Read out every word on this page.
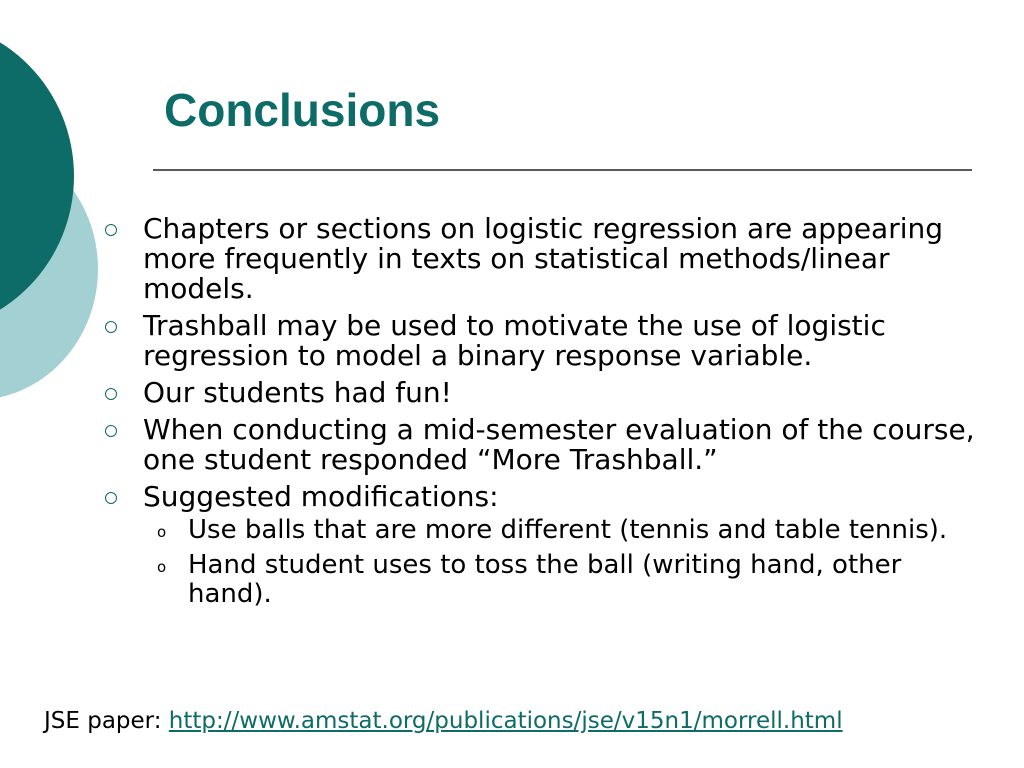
Conclusions
Chapters or sections on logistic regression are appearing more frequently in texts on statistical methods/linear models.
Trashball may be used to motivate the use of logistic regression to model a binary response variable.
Our students had fun!
When conducting a mid-semester evaluation of the course, one student responded “More Trashball.”
Suggested modifications:
o Use balls that are more different (tennis and table tennis).
o Hand student uses to toss the ball (writing hand, other hand).
JSE paper: http://www.amstat.org/publications/jse/v15n1/morrell.html
